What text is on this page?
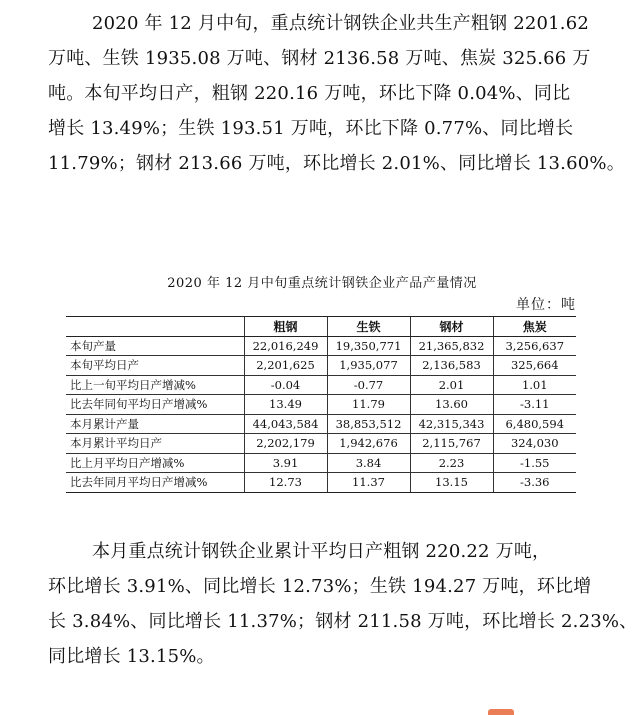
2020 年 12 月中旬，重点统计钢铁企业共生产粗钢 2201.62
万吨、生铁 1935.08 万吨、钢材 2136.58 万吨、焦炭 325.66 万
吨。本旬平均日产，粗钢 220.16 万吨，环比下降 0.04%、同比
增长 13.49%；生铁 193.51 万吨，环比下降 0.77%、同比增长
11.79%；钢材 213.66 万吨，环比增长 2.01%、同比增长 13.60%。
2020 年 12 月中旬重点统计钢铁企业产品产量情况
单位：吨
	粗钢	生铁	钢材	焦炭
本旬产量	22,016,249	19,350,771	21,365,832	3,256,637
本旬平均日产	2,201,625	1,935,077	2,136,583	325,664
比上一旬平均日产增减%	-0.04	-0.77	2.01	1.01
比去年同旬平均日产增减%	13.49	11.79	13.60	-3.11
本月累计产量	44,043,584	38,853,512	42,315,343	6,480,594
本月累计平均日产	2,202,179	1,942,676	2,115,767	324,030
比上月平均日产增减%	3.91	3.84	2.23	-1.55
比去年同月平均日产增减%	12.73	11.37	13.15	-3.36
本月重点统计钢铁企业累计平均日产粗钢 220.22 万吨，
环比增长 3.91%、同比增长 12.73%；生铁 194.27 万吨，环比增
长 3.84%、同比增长 11.37%；钢材 211.58 万吨，环比增长 2.23%、
同比增长 13.15%。
